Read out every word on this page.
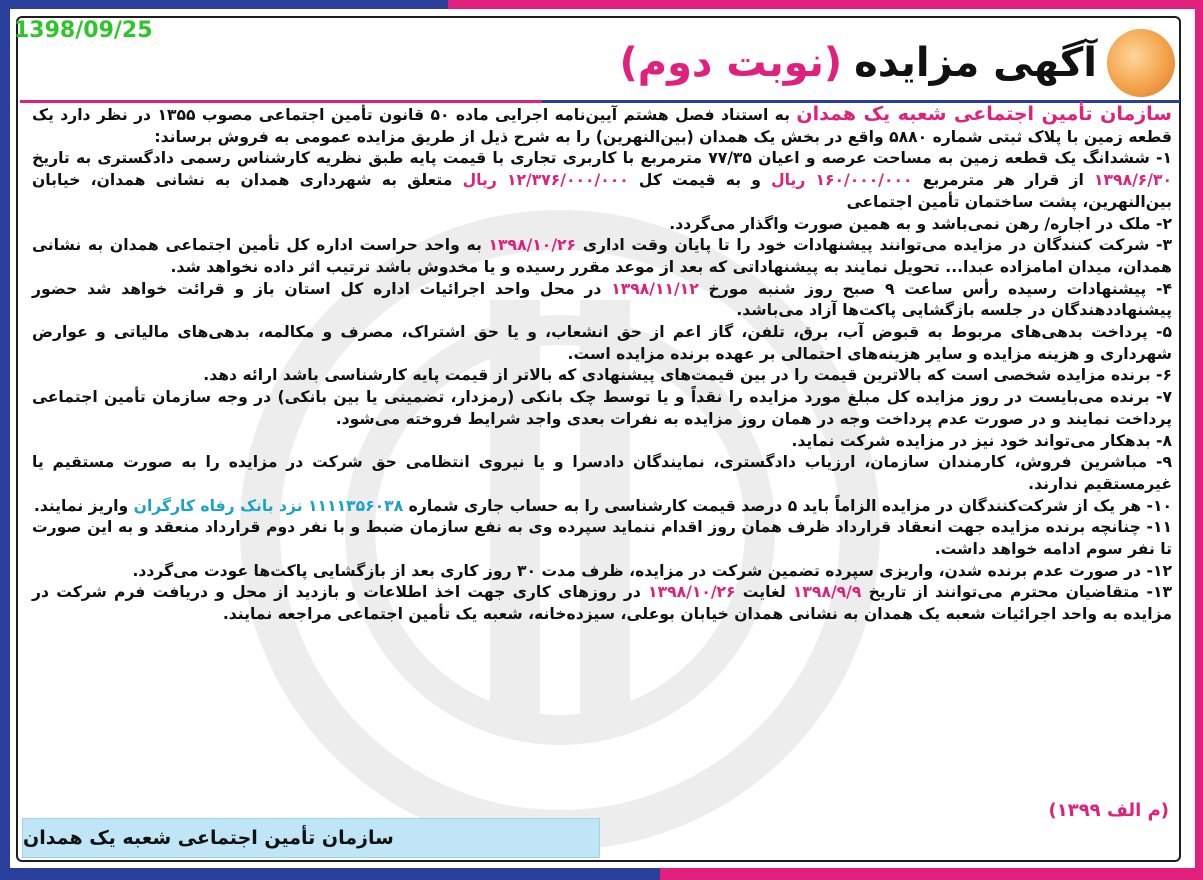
1398/09/25
آگهی مزایده
(نوبت دوم)

سازمان تأمین اجتماعی شعبه یک همدان به استناد فصل هشتم آیین‌نامه اجرایی ماده ۵۰ قانون تأمین اجتماعی مصوب ۱۳۵۵ در نظر دارد یک قطعه زمین با پلاک ثبتی شماره ۵۸۸۰ واقع در بخش یک همدان (بین‌النهرین) را به شرح ذیل از طریق مزایده عمومی به فروش برساند:

۱- ششدانگ یک قطعه زمین به مساحت عرصه و اعیان ۷۷/۳۵ مترمربع با کاربری تجاری با قیمت پایه طبق نظریه کارشناس رسمی دادگستری به تاریخ ۱۳۹۸/۶/۳۰ از قرار هر مترمربع ۱۶۰/۰۰۰/۰۰۰ ریال و به قیمت کل ۱۲/۳۷۶/۰۰۰/۰۰۰ ریال متعلق به شهرداری همدان به نشانی همدان، خیابان بین‌النهرین، پشت ساختمان تأمین اجتماعی

۲- ملک در اجاره/ رهن نمی‌باشد و به همین صورت واگذار می‌گردد.

۳- شرکت کنندگان در مزایده می‌توانند پیشنهادات خود را تا پایان وقت اداری ۱۳۹۸/۱۰/۲۶ به واحد حراست اداره کل تأمین اجتماعی همدان به نشانی همدان، میدان امامزاده عبدا... تحویل نمایند به پیشنهاداتی که بعد از موعد مقرر رسیده و یا مخدوش باشد ترتیب اثر داده نخواهد شد.

۴- پیشنهادات رسیده رأس ساعت ۹ صبح روز شنبه مورخ ۱۳۹۸/۱۱/۱۲ در محل واحد اجرائیات اداره کل استان باز و قرائت خواهد شد حضور پیشنهاددهندگان در جلسه بازگشایی پاکت‌ها آزاد می‌باشد.

۵- پرداخت بدهی‌های مربوط به قبوض آب، برق، تلفن، گاز اعم از حق انشعاب، و یا حق اشتراک، مصرف و مکالمه، بدهی‌های مالیاتی و عوارض شهرداری و هزینه مزایده و سایر هزینه‌های احتمالی بر عهده برنده مزایده است.

۶- برنده مزایده شخصی است که بالاترین قیمت را در بین قیمت‌های پیشنهادی که بالاتر از قیمت پایه کارشناسی باشد ارائه دهد.

۷- برنده می‌بایست در روز مزایده کل مبلغ مورد مزایده را نقداً و یا توسط چک بانکی (رمزدار، تضمینی یا بین بانکی) در وجه سازمان تأمین اجتماعی پرداخت نمایند و در صورت عدم پرداخت وجه در همان روز مزایده به نفرات بعدی واجد شرایط فروخته می‌شود.

۸- بدهکار می‌تواند خود نیز در مزایده شرکت نماید.

۹- مباشرین فروش، کارمندان سازمان، ارزیاب دادگستری، نمایندگان دادسرا و یا نیروی انتظامی حق شرکت در مزایده را به صورت مستقیم یا غیرمستقیم ندارند.

۱۰- هر یک از شرکت‌کنندگان در مزایده الزاماً باید ۵ درصد قیمت کارشناسی را به حساب جاری شماره ۱۱۱۱۳۵۶۰۳۸ نزد بانک رفاه کارگران واریز نمایند.

۱۱- چنانچه برنده مزایده جهت انعقاد قرارداد ظرف همان روز اقدام ننماید سپرده وی به نفع سازمان ضبط و با نفر دوم قرارداد منعقد و به این صورت تا نفر سوم ادامه خواهد داشت.

۱۲- در صورت عدم برنده شدن، واریزی سپرده تضمین شرکت در مزایده، ظرف مدت ۳۰ روز کاری بعد از بازگشایی پاکت‌ها عودت می‌گردد.

۱۳- متقاضیان محترم می‌توانند از تاریخ ۱۳۹۸/۹/۹ لغایت ۱۳۹۸/۱۰/۲۶ در روزهای کاری جهت اخذ اطلاعات و بازدید از محل و دریافت فرم شرکت در مزایده به واحد اجرائیات شعبه یک همدان به نشانی همدان خیابان بوعلی، سیزده‌خانه، شعبه یک تأمین اجتماعی مراجعه نمایند.

(م الف ۱۳۹۹)
سازمان تأمین اجتماعی شعبه یک همدان
